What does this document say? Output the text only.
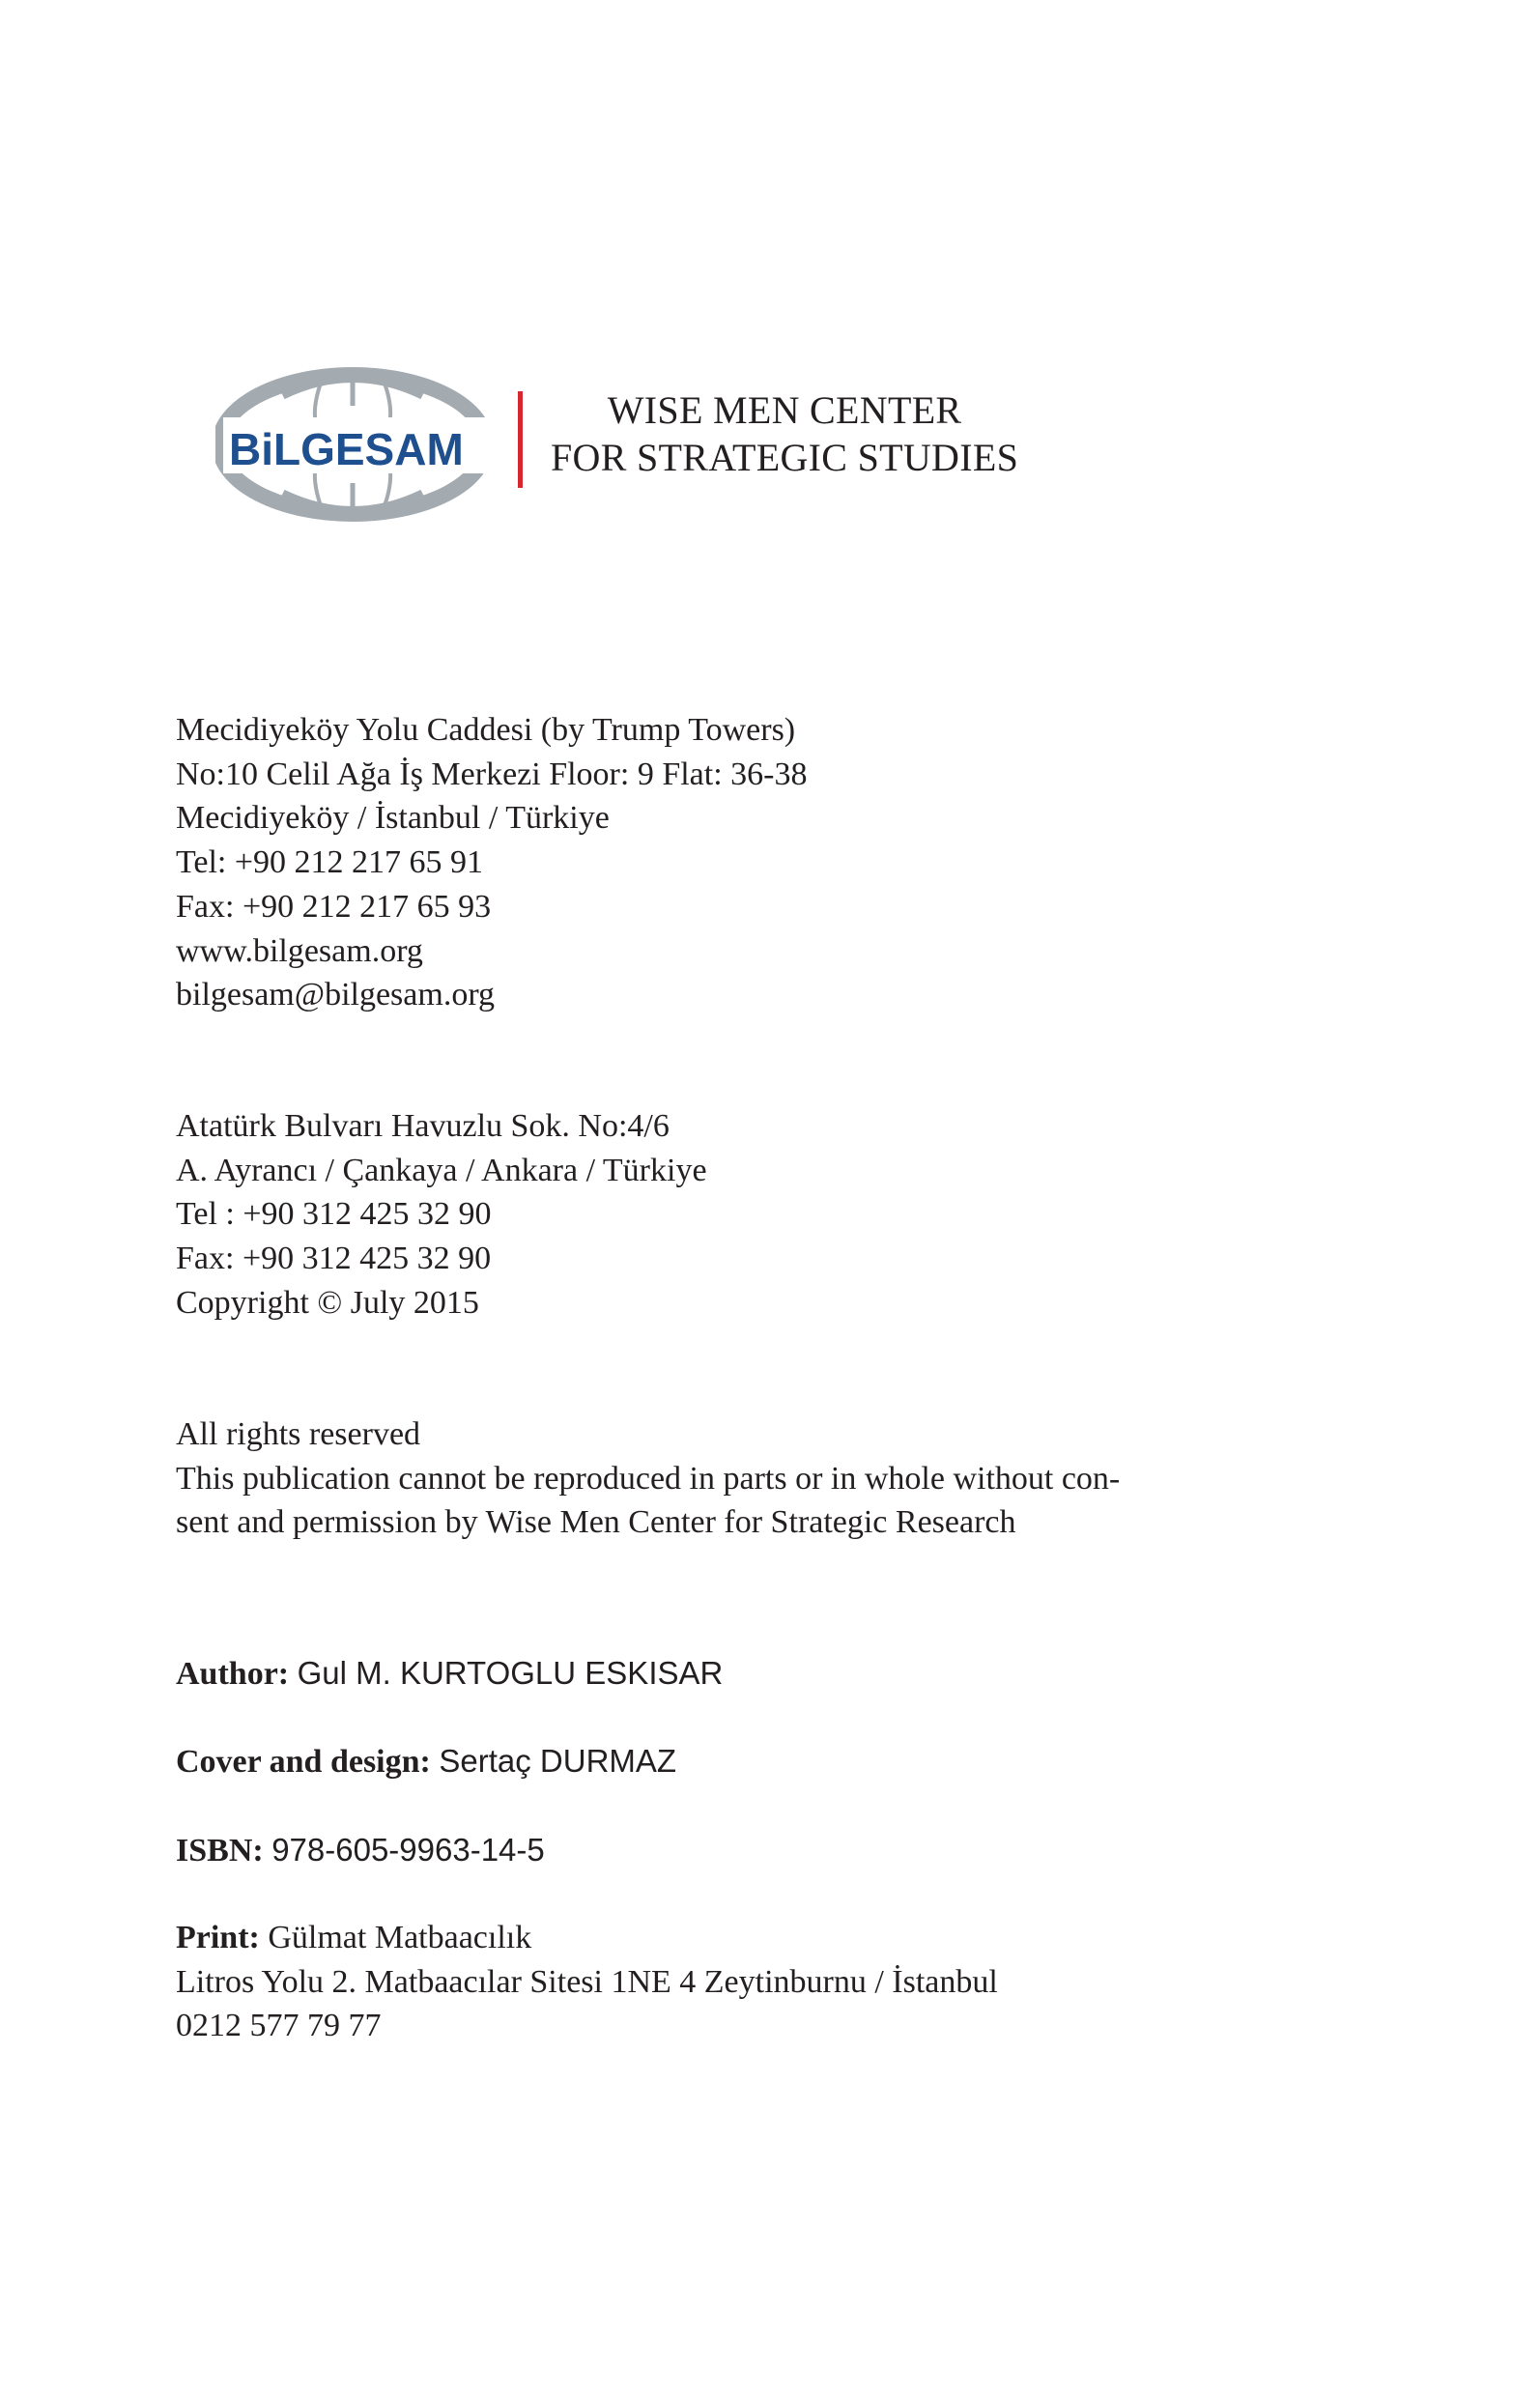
BiLGESAM
WISE MEN CENTER
FOR STRATEGIC STUDIES
Mecidiyeköy Yolu Caddesi (by Trump Towers)
No:10 Celil Ağa İş Merkezi Floor: 9 Flat: 36-38
Mecidiyeköy / İstanbul / Türkiye
Tel: +90 212 217 65 91
Fax: +90 212 217 65 93
www.bilgesam.org
bilgesam@bilgesam.org
Atatürk Bulvarı Havuzlu Sok. No:4/6
A. Ayrancı / Çankaya / Ankara / Türkiye
Tel : +90 312 425 32 90
Fax: +90 312 425 32 90
Copyright © July 2015
All rights reserved
This publication cannot be reproduced in parts or in whole without con-
sent and permission by Wise Men Center for Strategic Research
Author: Gul M. KURTOGLU ESKISAR
Cover and design: Sertaç DURMAZ
ISBN: 978-605-9963-14-5
Print: Gülmat Matbaacılık
Litros Yolu 2. Matbaacılar Sitesi 1NE 4 Zeytinburnu / İstanbul
0212 577 79 77
